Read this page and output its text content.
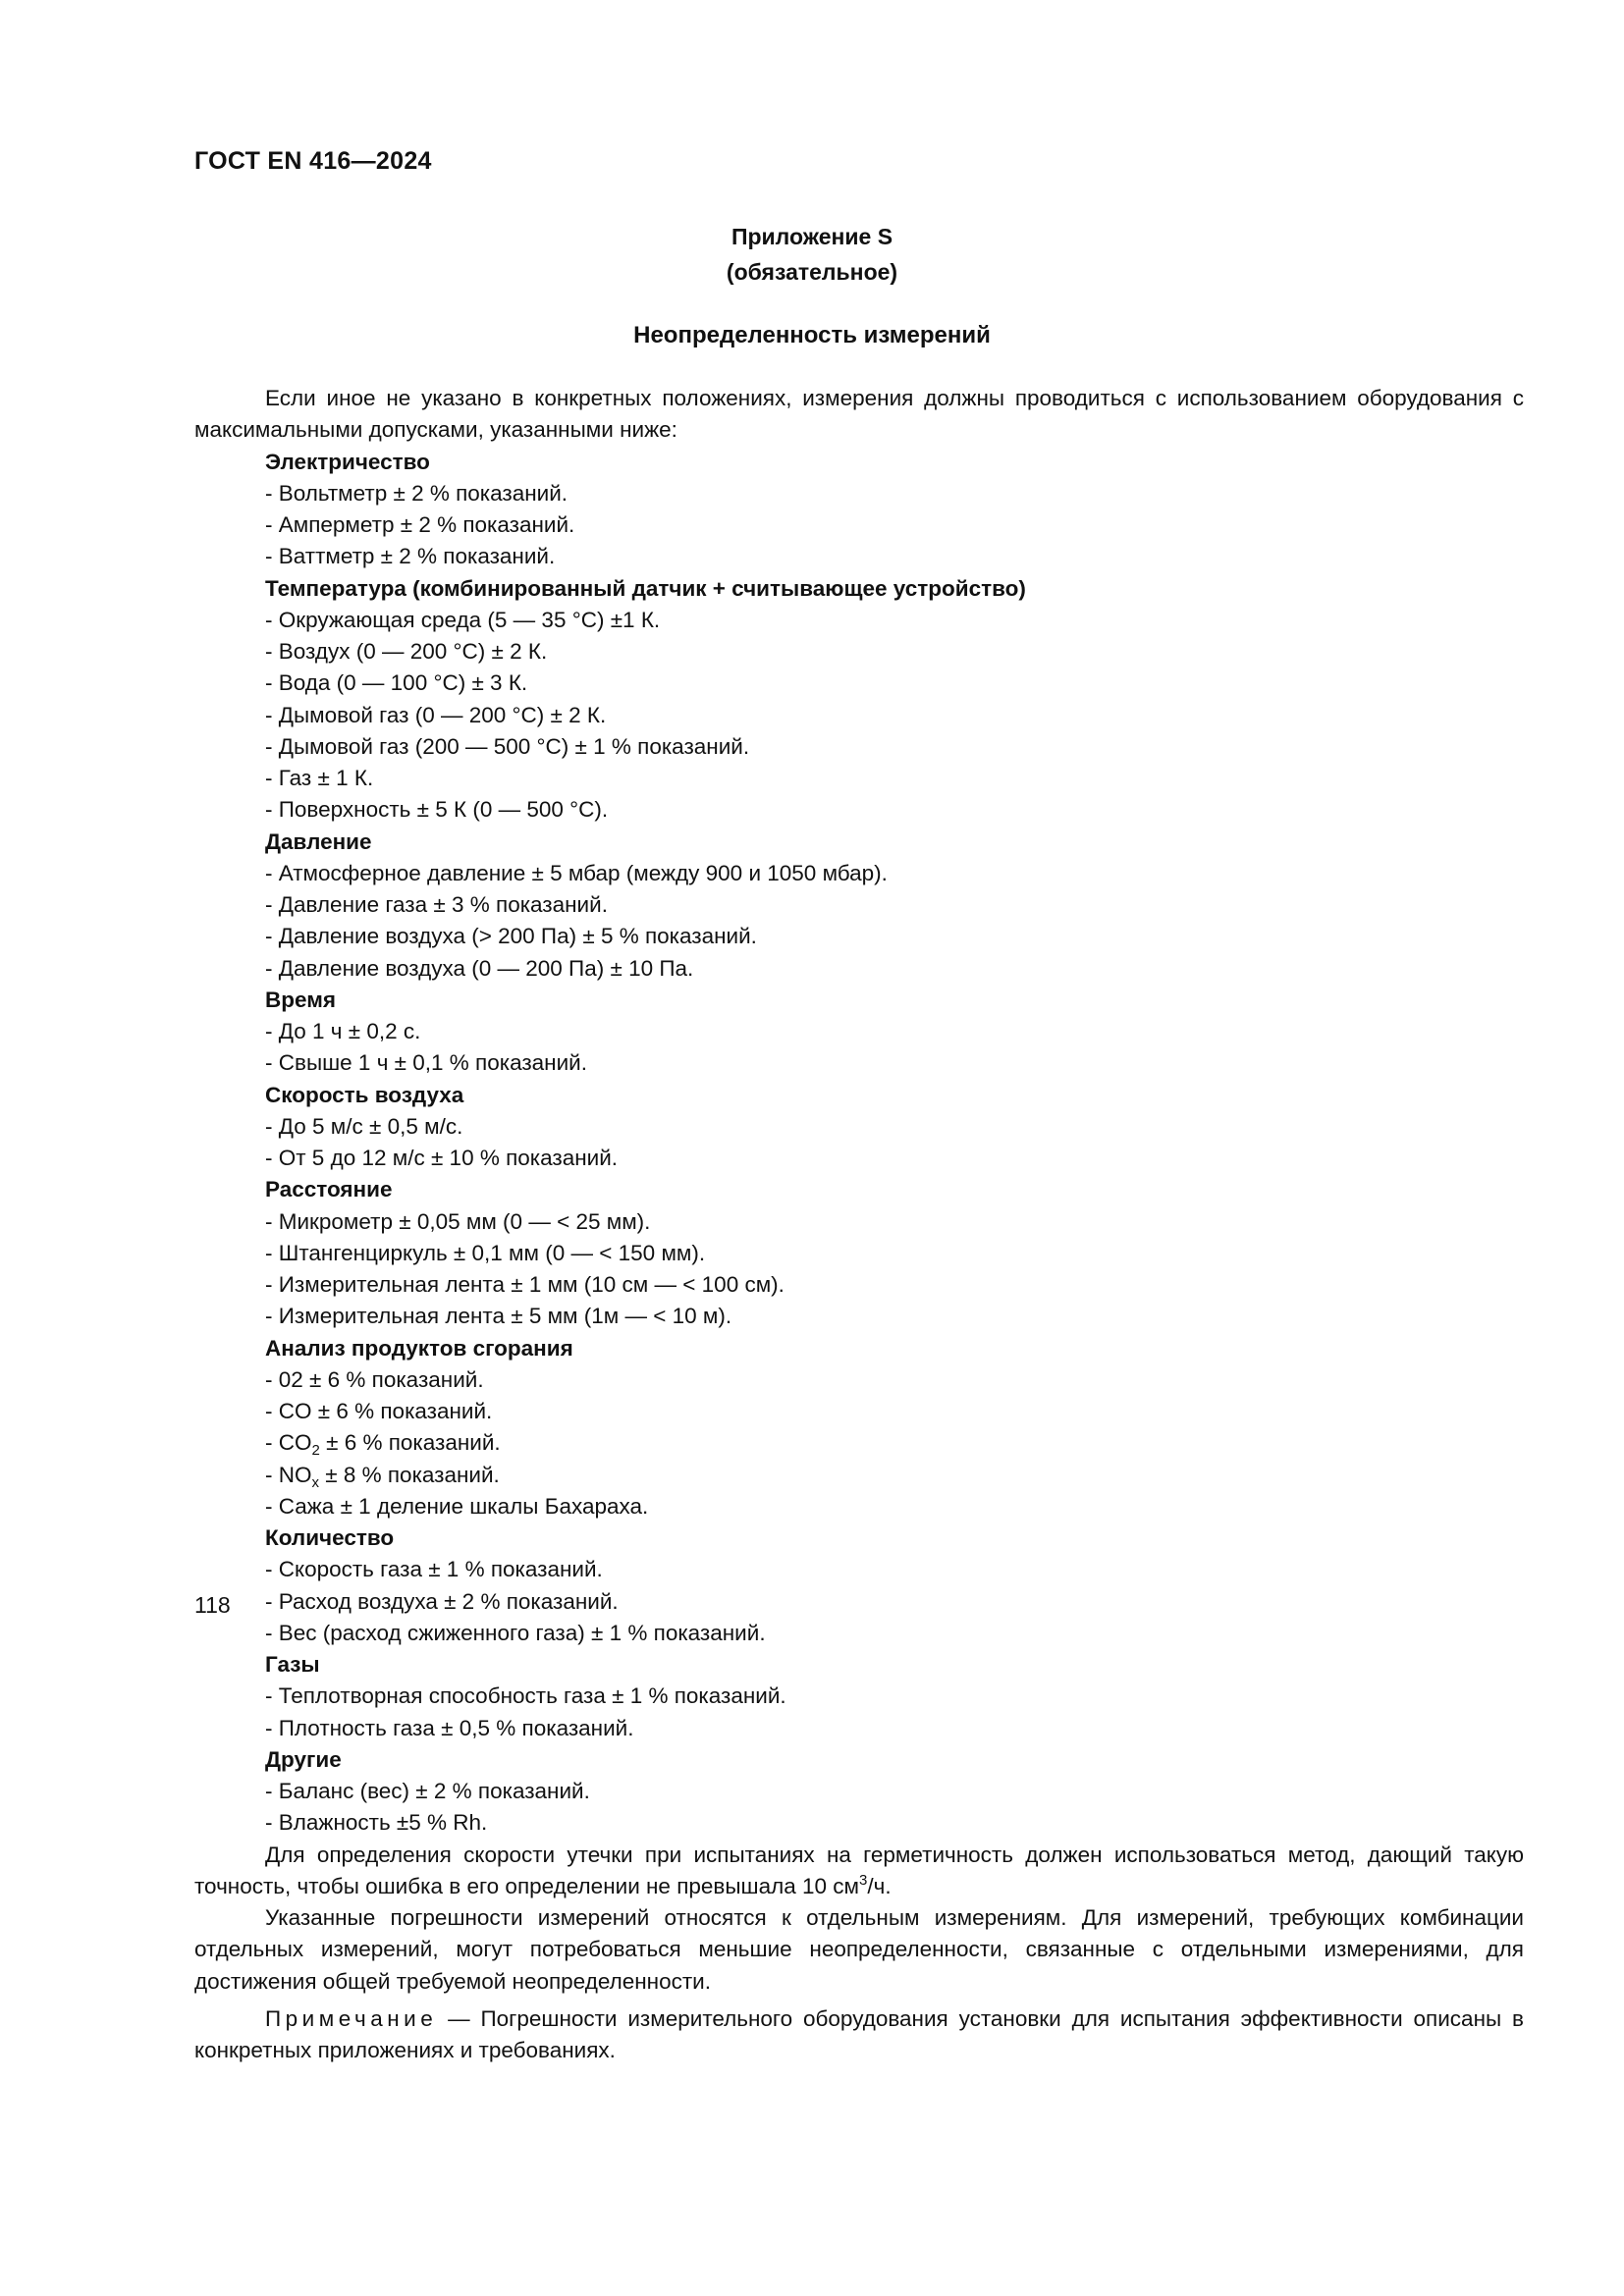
ГОСТ EN 416—2024
Приложение S
(обязательное)
Неопределенность измерений

Если иное не указано в конкретных положениях, измерения должны проводиться с использованием оборудования с максимальными допусками, указанными ниже:

Электричество
- Вольтметр ± 2 % показаний.
- Амперметр ± 2 % показаний.
- Ваттметр ± 2 % показаний.
Температура (комбинированный датчик + считывающее устройство)
- Окружающая среда (5 — 35 °C) ±1 К.
- Воздух (0 — 200 °C) ± 2 К.
- Вода (0 — 100 °C) ± 3 К.
- Дымовой газ (0 — 200 °C) ± 2 К.
- Дымовой газ (200 — 500 °C) ± 1 % показаний.
- Газ ± 1 К.
- Поверхность ± 5 К (0 — 500 °C).
Давление
- Атмосферное давление ± 5 мбар (между 900 и 1050 мбар).
- Давление газа ± 3 % показаний.
- Давление воздуха (> 200 Па) ± 5 % показаний.
- Давление воздуха (0 — 200 Па) ± 10 Па.
Время
- До 1 ч ± 0,2 с.
- Свыше 1 ч ± 0,1 % показаний.
Скорость воздуха
- До 5 м/с ± 0,5 м/с.
- От 5 до 12 м/с ± 10 % показаний.
Расстояние
- Микрометр ± 0,05 мм (0 — < 25 мм).
- Штангенциркуль ± 0,1 мм (0 — < 150 мм).
- Измерительная лента ± 1 мм (10 см — < 100 см).
- Измерительная лента ± 5 мм (1м — < 10 м).
Анализ продуктов сгорания
- 02 ± 6 % показаний.
- CO ± 6 % показаний.
- $CO_2 \pm 6$ % показаний.
- $NO_x \pm 8$ % показаний.
- Сажа ± 1 деление шкалы Бахараха.
Количество
- Скорость газа ± 1 % показаний.
- Расход воздуха ± 2 % показаний.
- Вес (расход сжиженного газа) ± 1 % показаний.
Газы
- Теплотворная способность газа ± 1 % показаний.
- Плотность газа ± 0,5 % показаний.
Другие
- Баланс (вес) ± 2 % показаний.
- Влажность ±5 % Rh.

Для определения скорости утечки при испытаниях на герметичность должен использоваться метод, дающий такую точность, чтобы ошибка в его определении не превышала 10 $см^3/ч$.

Указанные погрешности измерений относятся к отдельным измерениям. Для измерений, требующих комбинации отдельных измерений, могут потребоваться меньшие неопределенности, связанные с отдельными измерениями, для достижения общей требуемой неопределенности.

Примечание — Погрешности измерительного оборудования установки для испытания эффективности описаны в конкретных приложениях и требованиях.

118
